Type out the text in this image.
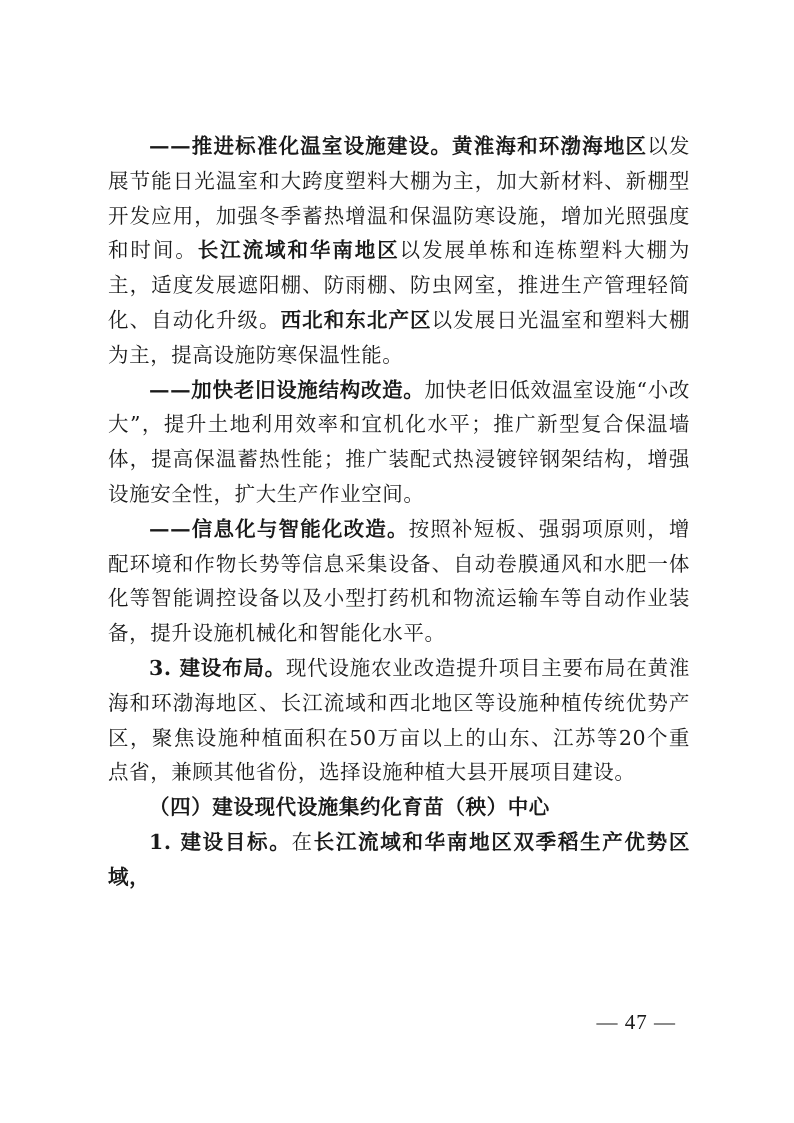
——推进标准化温室设施建设。黄淮海和环渤海地区以发展节能日光温室和大跨度塑料大棚为主，加大新材料、新棚型开发应用，加强冬季蓄热增温和保温防寒设施，增加光照强度和时间。长江流域和华南地区以发展单栋和连栋塑料大棚为主，适度发展遮阳棚、防雨棚、防虫网室，推进生产管理轻简化、自动化升级。西北和东北产区以发展日光温室和塑料大棚为主，提高设施防寒保温性能。

——加快老旧设施结构改造。加快老旧低效温室设施“小改大”，提升土地利用效率和宜机化水平；推广新型复合保温墙体，提高保温蓄热性能；推广装配式热浸镀锌钢架结构，增强设施安全性，扩大生产作业空间。

——信息化与智能化改造。按照补短板、强弱项原则，增配环境和作物长势等信息采集设备、自动卷膜通风和水肥一体化等智能调控设备以及小型打药机和物流运输车等自动作业装备，提升设施机械化和智能化水平。

3. 建设布局。现代设施农业改造提升项目主要布局在黄淮海和环渤海地区、长江流域和西北地区等设施种植传统优势产区，聚焦设施种植面积在50万亩以上的山东、江苏等20个重点省，兼顾其他省份，选择设施种植大县开展项目建设。

（四）建设现代设施集约化育苗（秧）中心

1. 建设目标。在长江流域和华南地区双季稻生产优势区域，

— 47 —
